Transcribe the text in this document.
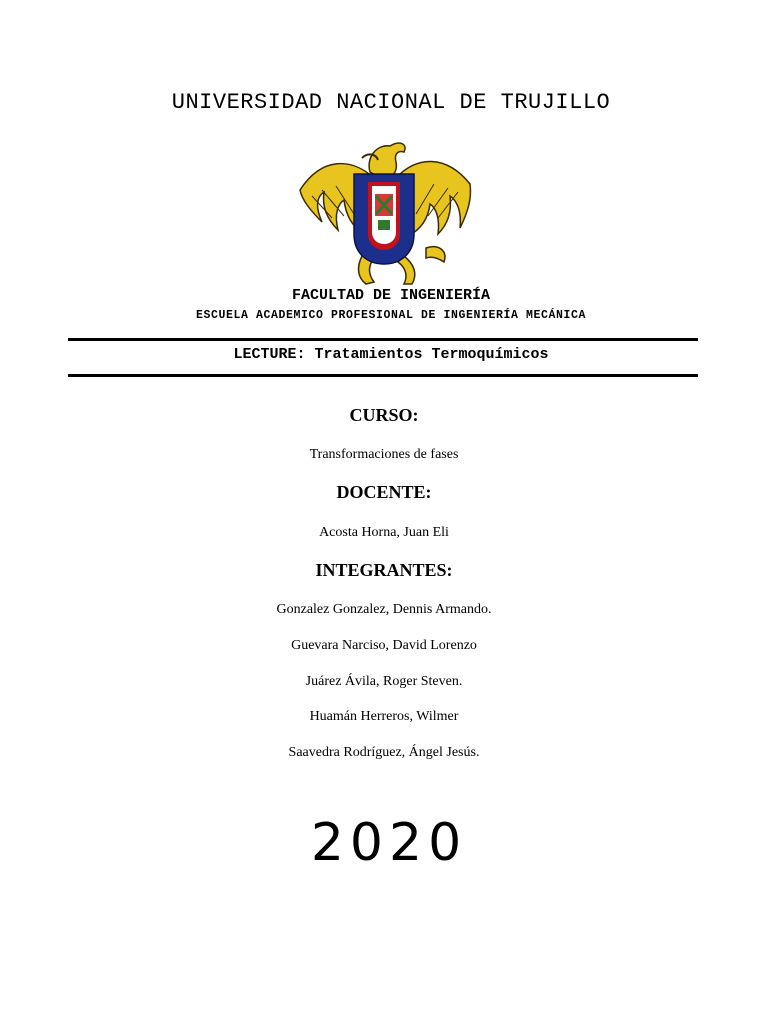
UNIVERSIDAD NACIONAL DE TRUJILLO
FACULTAD DE INGENIERÍA
ESCUELA ACADEMICO PROFESIONAL DE INGENIERÍA MECÁNICA
LECTURE: Tratamientos Termoquímicos
CURSO:
Transformaciones de fases
DOCENTE:
Acosta Horna, Juan Eli
INTEGRANTES:
Gonzalez Gonzalez, Dennis Armando.
Guevara Narciso, David Lorenzo
Juárez Ávila, Roger Steven.
Huamán Herreros, Wilmer
Saavedra Rodríguez, Ángel Jesús.
2020
